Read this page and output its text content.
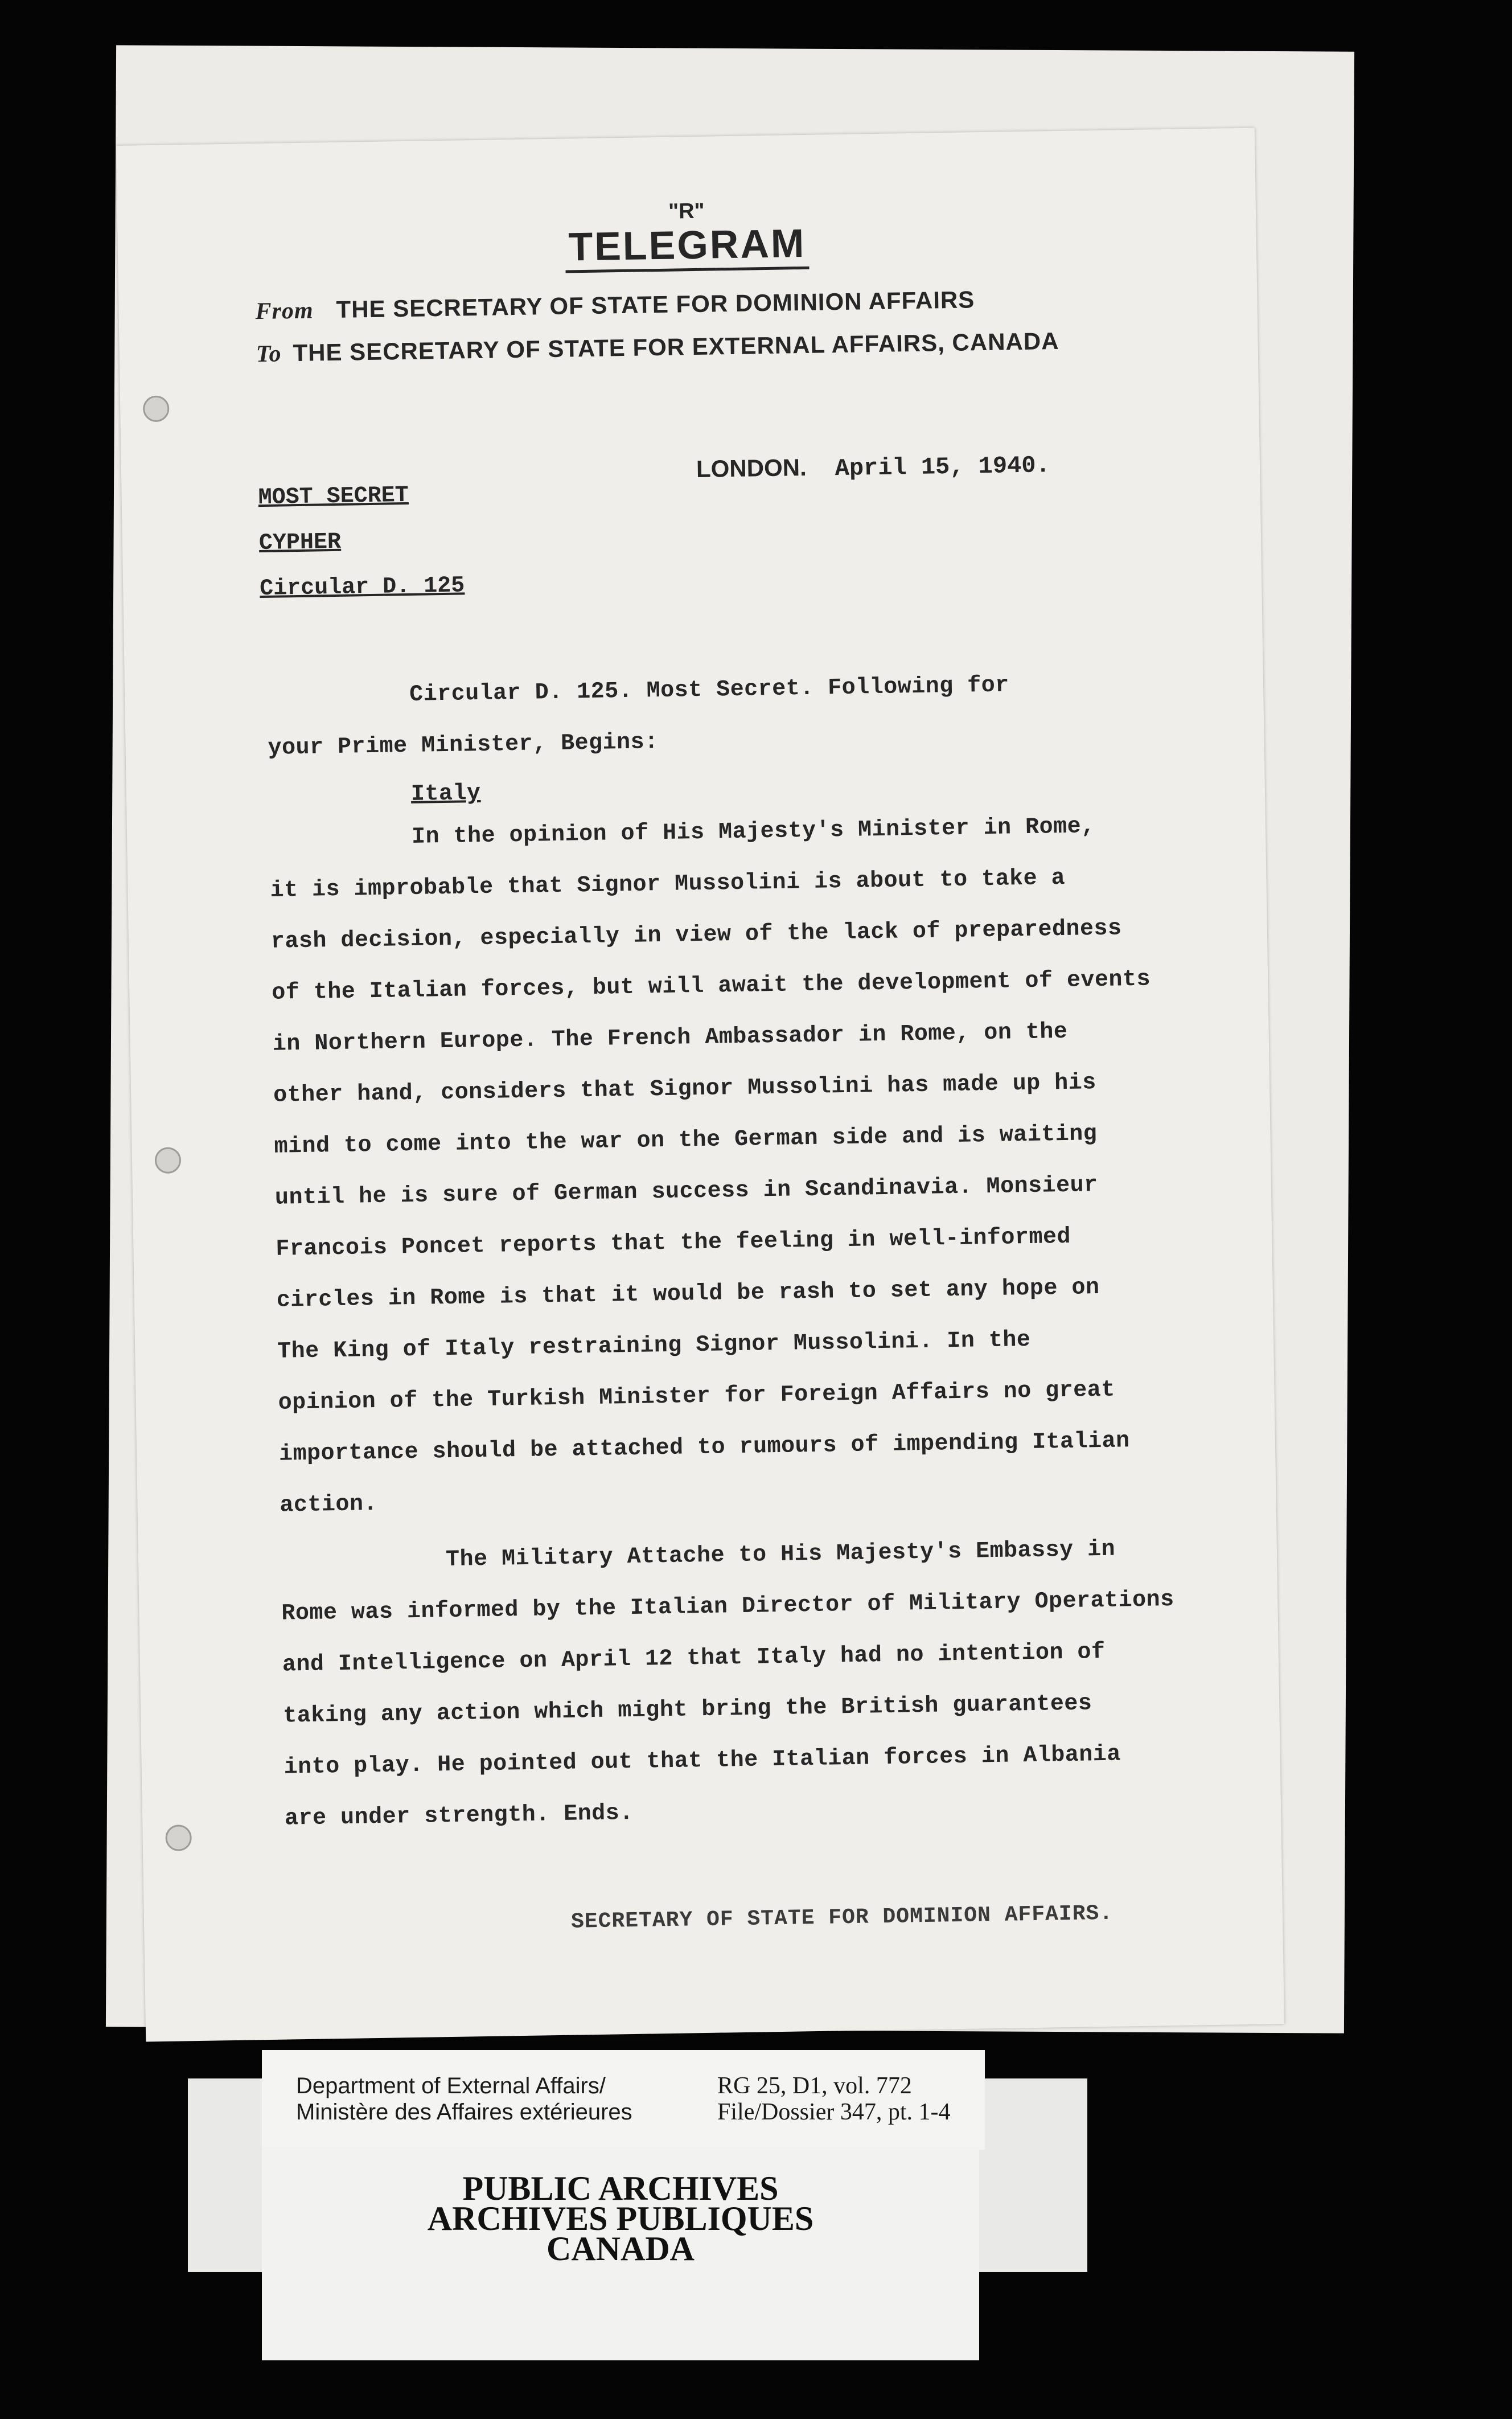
"R"
TELEGRAM
From THE SECRETARY OF STATE FOR DOMINION AFFAIRS
To THE SECRETARY OF STATE FOR EXTERNAL AFFAIRS, CANADA
MOST SECRET
CYPHER
Circular D. 125
LONDON. April 15, 1940.
Circular D. 125. Most Secret. Following for
your Prime Minister, Begins:
Italy
In the opinion of His Majesty's Minister in Rome,
it is improbable that Signor Mussolini is about to take a
rash decision, especially in view of the lack of preparedness
of the Italian forces, but will await the development of events
in Northern Europe. The French Ambassador in Rome, on the
other hand, considers that Signor Mussolini has made up his
mind to come into the war on the German side and is waiting
until he is sure of German success in Scandinavia. Monsieur
Francois Poncet reports that the feeling in well-informed
circles in Rome is that it would be rash to set any hope on
The King of Italy restraining Signor Mussolini. In the
opinion of the Turkish Minister for Foreign Affairs no great
importance should be attached to rumours of impending Italian
action.
The Military Attache to His Majesty's Embassy in
Rome was informed by the Italian Director of Military Operations
and Intelligence on April 12 that Italy had no intention of
taking any action which might bring the British guarantees
into play. He pointed out that the Italian forces in Albania
are under strength. Ends.
SECRETARY OF STATE FOR DOMINION AFFAIRS.
Department of External Affairs/
Ministère des Affaires extérieures
RG 25, D1, vol. 772
File/Dossier 347, pt. 1-4
PUBLIC ARCHIVES
ARCHIVES PUBLIQUES
CANADA
